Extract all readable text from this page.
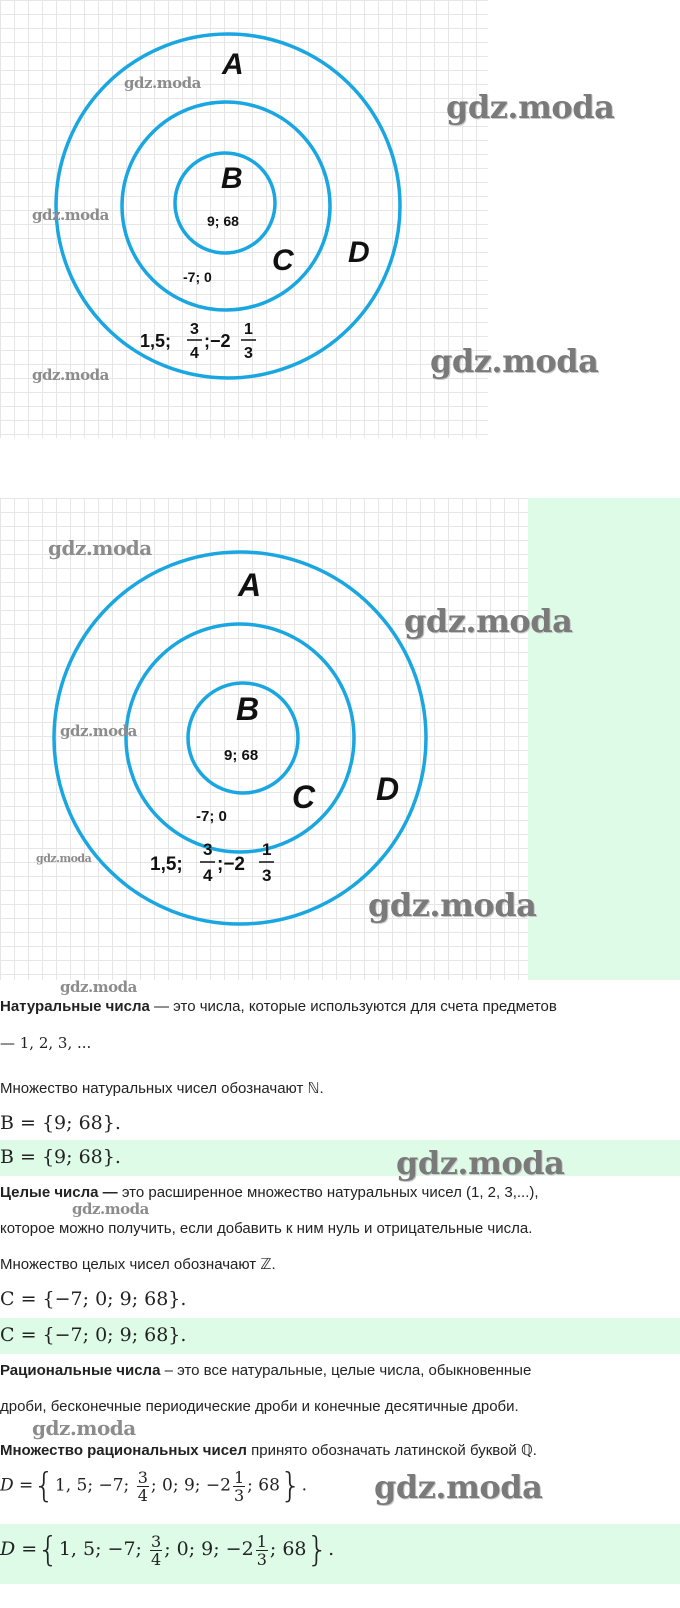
A
B
9; 68
C D
-7; 0
1,5;
3
4
;−2
1
3
gdz.moda
gdz.moda
gdz.moda
gdz.moda
gdz.moda
A
B
9; 68
C D
-7; 0
1,5;
3
4
;−2
1
3
gdz.moda
gdz.moda
gdz.moda
gdz.moda
gdz.moda
gdz.moda
Натуральные числа — это числа, которые используются для счета предметов
— 1, 2, 3, ...
Множество натуральных чисел обозначают ℕ.
B = {9; 68}.
B = {9; 68}.	gdz.moda
Целые числа — это расширенное множество натуральных чисел (1, 2, 3,...),
которое можно получить, если добавить к ним нуль и отрицательные числа.
gdz.moda
Множество целых чисел обозначают ℤ.
C = {−7; 0; 9; 68}.
C = {−7; 0; 9; 68}.
Рациональные числа – это все натуральные, целые числа, обыкновенные
дроби, бесконечные периодические дроби и конечные десятичные дроби.
gdz.moda
Множество рациональных чисел принято обозначать латинской буквой ℚ.
D ={1, 5; −7; $\frac{3}{4}$ ; 0; 9; $-2 \frac{1}{3}$ ; 68}. gdz.moda
D ={1, 5; −7; $\frac{3}{4}$ ; 0; 9; $-2 \frac{1}{3}$ ; 68}.
